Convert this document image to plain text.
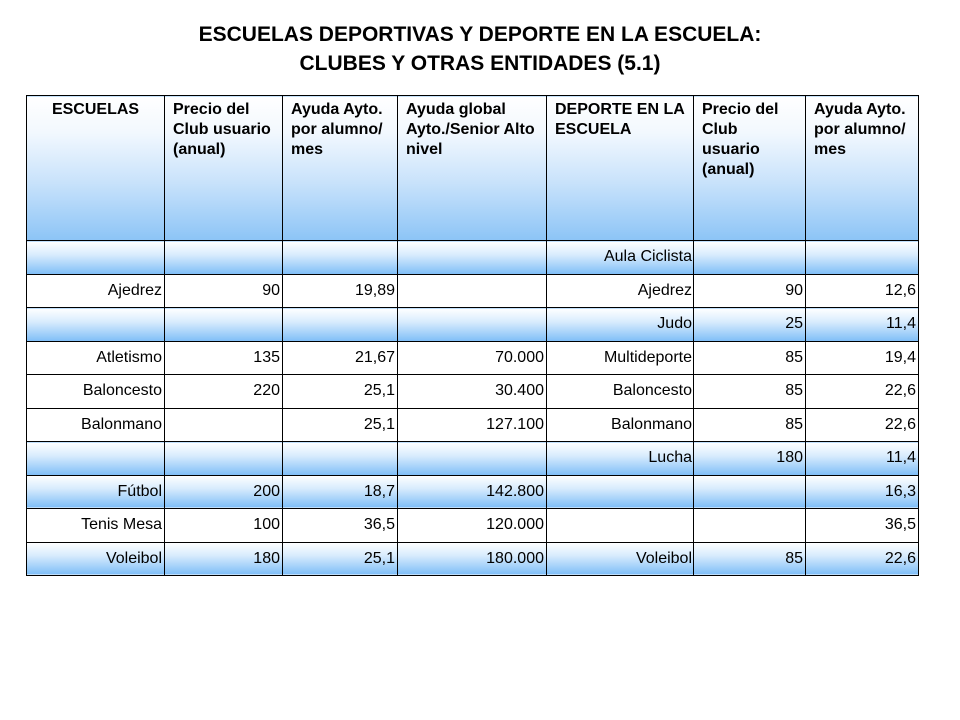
ESCUELAS DEPORTIVAS Y DEPORTE EN LA ESCUELA:
CLUBES Y OTRAS ENTIDADES (5.1)
ESCUELAS	Precio del Club usuario (anual)	Ayuda Ayto. por alumno/ mes	Ayuda global Ayto./Senior Alto nivel	DEPORTE EN LA ESCUELA	Precio del Club usuario (anual)	Ayuda Ayto. por alumno/ mes
				Aula Ciclista		
Ajedrez	90	19,89		Ajedrez	90	12,6
				Judo	25	11,4
Atletismo	135	21,67	70.000	Multideporte	85	19,4
Baloncesto	220	25,1	30.400	Baloncesto	85	22,6
Balonmano		25,1	127.100	Balonmano	85	22,6
				Lucha	180	11,4
Fútbol	200	18,7	142.800			16,3
Tenis Mesa	100	36,5	120.000			36,5
Voleibol	180	25,1	180.000	Voleibol	85	22,6
